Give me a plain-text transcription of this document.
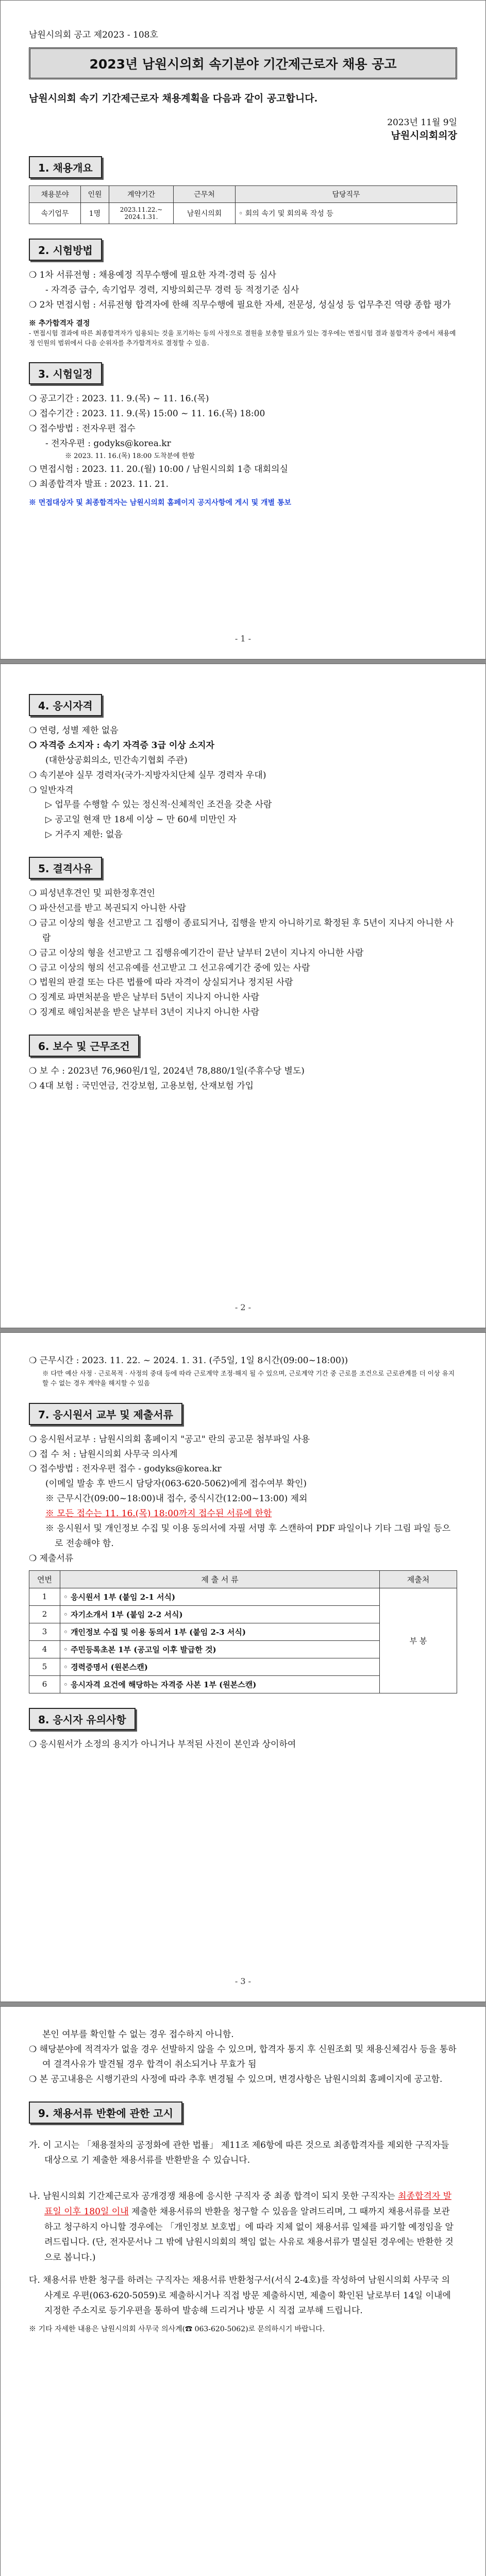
남원시의회 공고 제2023 - 108호
2023년 남원시의회 속기분야 기간제근로자 채용 공고
남원시의회 속기 기간제근로자 채용계획을 다음과 같이 공고합니다.
2023년 11월 9일
남원시의회의장
1. 채용개요
채용분야	인원	계약기간	근무처	담당직무
속기업무	1명	2023.11.22.~ 2024.1.31.	남원시의회	◦ 회의 속기 및 회의록 작성 등
2. 시험방법
❍ 1차 서류전형 : 채용예정 직무수행에 필요한 자격·경력 등 심사
- 자격증 급수, 속기업무 경력, 지방의회근무 경력 등 적정기준 심사
❍ 2차 면접시험 : 서류전형 합격자에 한해 직무수행에 필요한 자세, 전문성, 성실성 등 업무추진 역량 종합 평가
※ 추가합격자 결정
- 면접시험 결과에 따른 최종합격자가 임용되는 것을 포기하는 등의 사정으로 결원을 보충할 필요가 있는 경우에는 면접시험 결과 불합격자 중에서 채용예정 인원의 범위에서 다음 순위자를 추가합격자로 결정할 수 있음.
3. 시험일정
❍ 공고기간 : 2023. 11. 9.(목) ~ 11. 16.(목)
❍ 접수기간 : 2023. 11. 9.(목) 15:00 ~ 11. 16.(목) 18:00
❍ 접수방법 : 전자우편 접수
- 전자우편 : godyks@korea.kr
※ 2023. 11. 16.(목) 18:00 도착분에 한함
❍ 면접시험 : 2023. 11. 20.(월) 10:00 / 남원시의회 1층 대회의실
❍ 최종합격자 발표 : 2023. 11. 21.
※ 면접대상자 및 최종합격자는 남원시의회 홈페이지 공지사항에 게시 및 개별 통보
- 1 -
4. 응시자격
❍ 연령, 성별 제한 없음
❍ 자격증 소지자 : 속기 자격증 3급 이상 소지자
(대한상공회의소, 민간속기협회 주관)
❍ 속기분야 실무 경력자(국가·지방자치단체 실무 경력자 우대)
❍ 일반자격
▷ 업무를 수행할 수 있는 정신적·신체적인 조건을 갖춘 사람
▷ 공고일 현재 만 18세 이상 ~ 만 60세 미만인 자
▷ 거주지 제한: 없음
5. 결격사유
❍ 피성년후견인 및 피한정후견인
❍ 파산선고를 받고 복권되지 아니한 사람
❍ 금고 이상의 형을 선고받고 그 집행이 종료되거나, 집행을 받지 아니하기로 확정된 후 5년이 지나지 아니한 사람
❍ 금고 이상의 형을 선고받고 그 집행유예기간이 끝난 날부터 2년이 지나지 아니한 사람
❍ 금고 이상의 형의 선고유예를 선고받고 그 선고유예기간 중에 있는 사람
❍ 법원의 판결 또는 다른 법률에 따라 자격이 상실되거나 정지된 사람
❍ 징계로 파면처분을 받은 날부터 5년이 지나지 아니한 사람
❍ 징계로 해임처분을 받은 날부터 3년이 지나지 아니한 사람
6. 보수 및 근무조건
❍ 보 수 : 2023년 76,960원/1일, 2024년 78,880/1일(주휴수당 별도)
❍ 4대 보험 : 국민연금, 건강보험, 고용보험, 산재보험 가입
- 2 -
❍ 근무시간 : 2023. 11. 22. ~ 2024. 1. 31. (주5일, 1일 8시간(09:00~18:00))
※ 다만 예산 사정 · 근로목적 · 사정의 중대 등에 따라 근로계약 조정·해지 될 수 있으며, 근로계약 기간 중 근로를 조건으로 근로관계를 더 이상 유지할 수 없는 경우 계약을 해지할 수 있음
7. 응시원서 교부 및 제출서류
❍ 응시원서교부 : 남원시의회 홈페이지 "공고" 란의 공고문 첨부파일 사용
❍ 접 수 처 : 남원시의회 사무국 의사계
❍ 접수방법 : 전자우편 접수 - godyks@korea.kr
(이메일 발송 후 반드시 담당자(063-620-5062)에게 접수여부 확인)
※ 근무시간(09:00~18:00)내 접수, 중식시간(12:00~13:00) 제외
※ 모든 접수는 11. 16.(목) 18:00까지 접수된 서류에 한함
※ 응시원서 및 개인정보 수집 및 이용 동의서에 자필 서명 후 스캔하여 PDF 파일이나 기타 그림 파일 등으로 전송해야 함.
❍ 제출서류
연번	제 출 서 류	제출처
1	◦ 응시원서 1부 (붙임 2-1 서식)	부 봉
2	◦ 자기소개서 1부 (붙임 2-2 서식)	
3	◦ 개인정보 수집 및 이용 동의서 1부 (붙임 2-3 서식)	
4	◦ 주민등록초본 1부 (공고일 이후 발급한 것)	
5	◦ 경력증명서 (원본스캔)	
6	◦ 응시자격 요건에 해당하는 자격증 사본 1부 (원본스캔)	
8. 응시자 유의사항
❍ 응시원서가 소정의 용지가 아니거나 부적된 사진이 본인과 상이하여
- 3 -
본인 여부를 확인할 수 없는 경우 접수하지 아니함.
❍ 해당분야에 적격자가 없을 경우 선발하지 않을 수 있으며, 합격자 통지 후 신원조회 및 채용신체검사 등을 통하여 결격사유가 발견될 경우 합격이 취소되거나 무효가 됨
❍ 본 공고내용은 시행기관의 사정에 따라 추후 변경될 수 있으며, 변경사항은 남원시의회 홈페이지에 공고함.
9. 채용서류 반환에 관한 고시
가. 이 고시는 「채용절차의 공정화에 관한 법률」 제11조 제6항에 따른 것으로 최종합격자를 제외한 구직자들 대상으로 기 제출한 채용서류를 반환받을 수 있습니다.
나. 남원시의회 기간제근로자 공개경쟁 채용에 응시한 구직자 중 최종 합격이 되지 못한 구직자는 최종합격자 발표일 이후 180일 이내 제출한 채용서류의 반환을 청구할 수 있음을 알려드리며, 그 때까지 채용서류를 보관하고 청구하지 아니할 경우에는 「개인정보 보호법」에 따라 지체 없이 채용서류 일체를 파기할 예정임을 알려드립니다. (단, 전자문서나 그 밖에 남원시의회의 책임 없는 사유로 채용서류가 멸실된 경우에는 반환한 것으로 봅니다.)
다. 채용서류 반환 청구를 하려는 구직자는 채용서류 반환청구서(서식 2-4호)를 작성하여 남원시의회 사무국 의사계로 우편(063-620-5059)로 제출하시거나 직접 방문 제출하시면, 제출이 확인된 날로부터 14일 이내에 지정한 주소지로 등기우편을 통하여 발송해 드리거나 방문 시 직접 교부해 드립니다.
※ 기타 자세한 내용은 남원시의회 사무국 의사계(☎ 063-620-5062)로 문의하시기 바랍니다.
